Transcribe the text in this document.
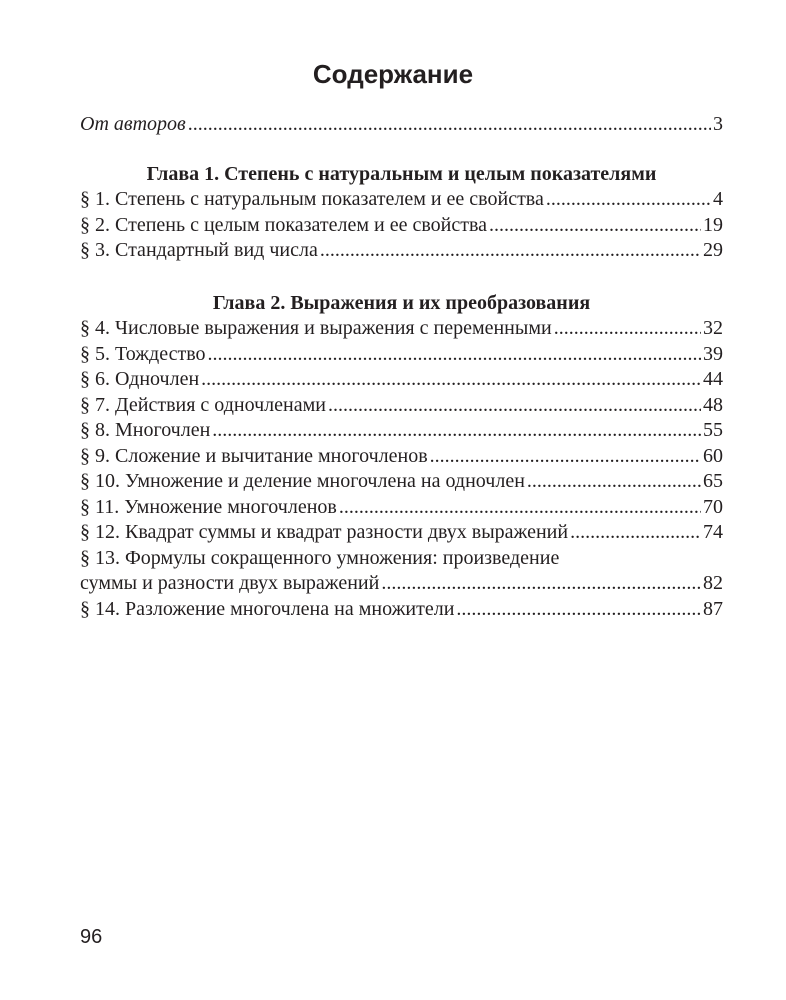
Содержание
От авторов .....	3
Глава 1. Степень с натуральным и целым показателями
§ 1. Степень с натуральным показателем и ее свойства .....	4
§ 2. Степень с целым показателем и ее свойства .....	19
§ 3. Стандартный вид числа .....	29
Глава 2. Выражения и их преобразования
§ 4. Числовые выражения и выражения с переменными .....	32
§ 5. Тождество .....	39
§ 6. Одночлен .....	44
§ 7. Действия с одночленами .....	48
§ 8. Многочлен .....	55
§ 9. Сложение и вычитание многочленов .....	60
§ 10. Умножение и деление многочлена на одночлен .....	65
§ 11. Умножение многочленов .....	70
§ 12. Квадрат суммы и квадрат разности двух выражений .....	74
§ 13. Формулы сокращенного умножения: произведение
суммы и разности двух выражений .....	82
§ 14. Разложение многочлена на множители .....	87
96
